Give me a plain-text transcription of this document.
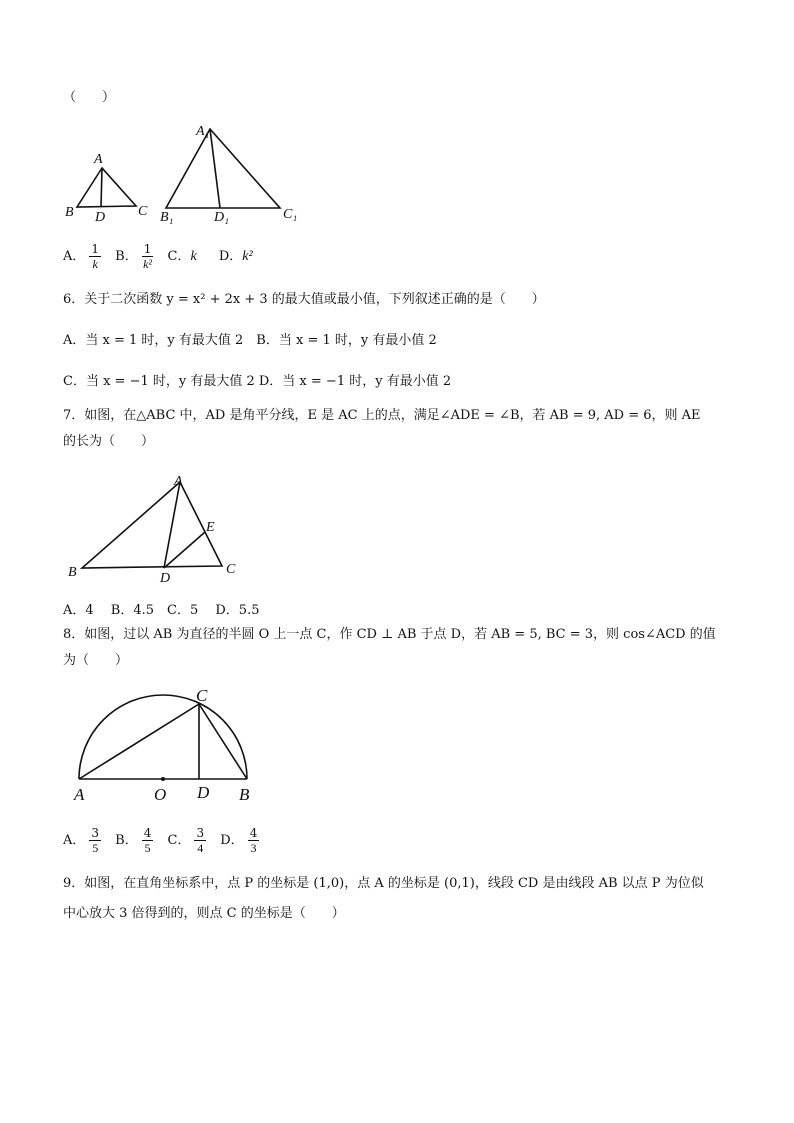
（　　）
A
B D C
A₁
B₁	D₁	C₁
A． $\frac{1}{k}$ B． $\frac{1}{\text{k²}}$ C．k D．k²
6．关于二次函数 y = x² + 2x + 3 的最大值或最小值，下列叙述正确的是（　　）
A．当 x = 1 时，y 有最大值 2　B．当 x = 1 时，y 有最小值 2
C．当 x = −1 时，y 有最大值 2 D．当 x = −1 时，y 有最小值 2
7．如图，在△ABC 中，AD 是角平分线，E 是 AC 上的点，满足∠ADE = ∠B，若 AB = 9, AD = 6，则 AE
的长为（　　）
A
B	D
C
E
A．4　 B．4.5　C．5　 D．5.5
8．如图，过以 AB 为直径的半圆 O 上一点 C，作 CD ⊥ AB 于点 D，若 AB = 5, BC = 3，则 cos∠ACD 的值
为（　　）
C
A	O D B
A． $\frac{3}{5}$ B． $\frac{4}{5}$ C． $\frac{3}{4}$ D． $\frac{4}{3}$
9．如图，在直角坐标系中，点 P 的坐标是 (1,0)，点 A 的坐标是 (0,1)，线段 CD 是由线段 AB 以点 P 为位似
中心放大 3 倍得到的，则点 C 的坐标是（　　）
